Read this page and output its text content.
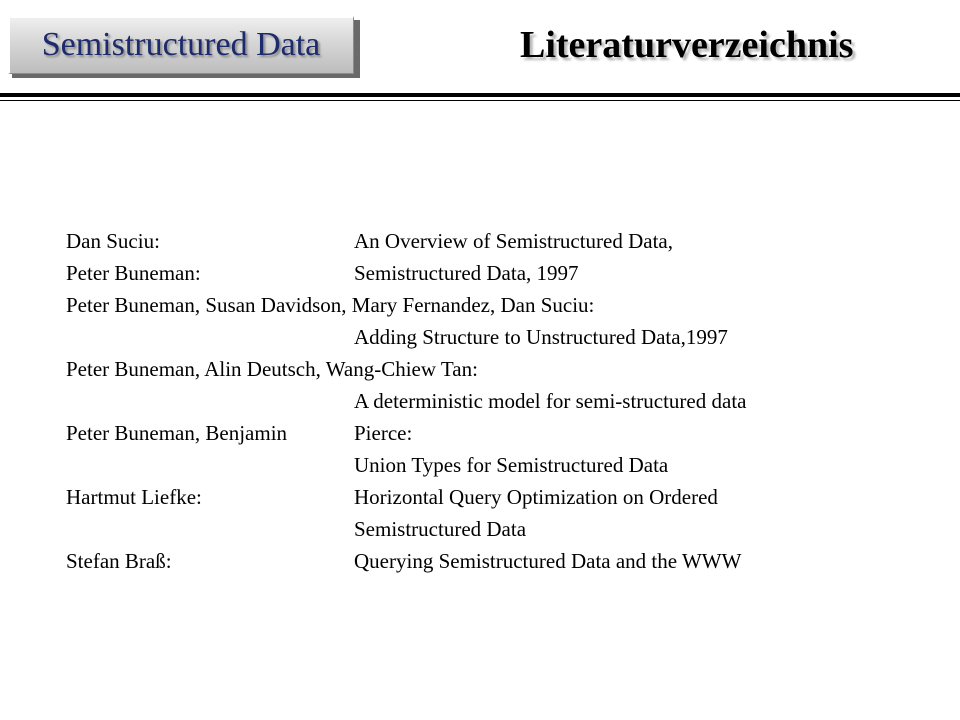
Semistructured Data	Literaturverzeichnis
Dan Suciu:	An Overview of Semistructured Data,
Peter Buneman:	Semistructured Data, 1997
Peter Buneman, Susan Davidson, Mary Fernandez, Dan Suciu:
Adding Structure to Unstructured Data,1997
Peter Buneman, Alin Deutsch, Wang-Chiew Tan:
A deterministic model for semi-structured data
Peter Buneman, Benjamin	Pierce:
Union Types for Semistructured Data
Hartmut Liefke:	Horizontal Query Optimization on Ordered
Semistructured Data
Stefan Braß:	Querying Semistructured Data and the WWW
